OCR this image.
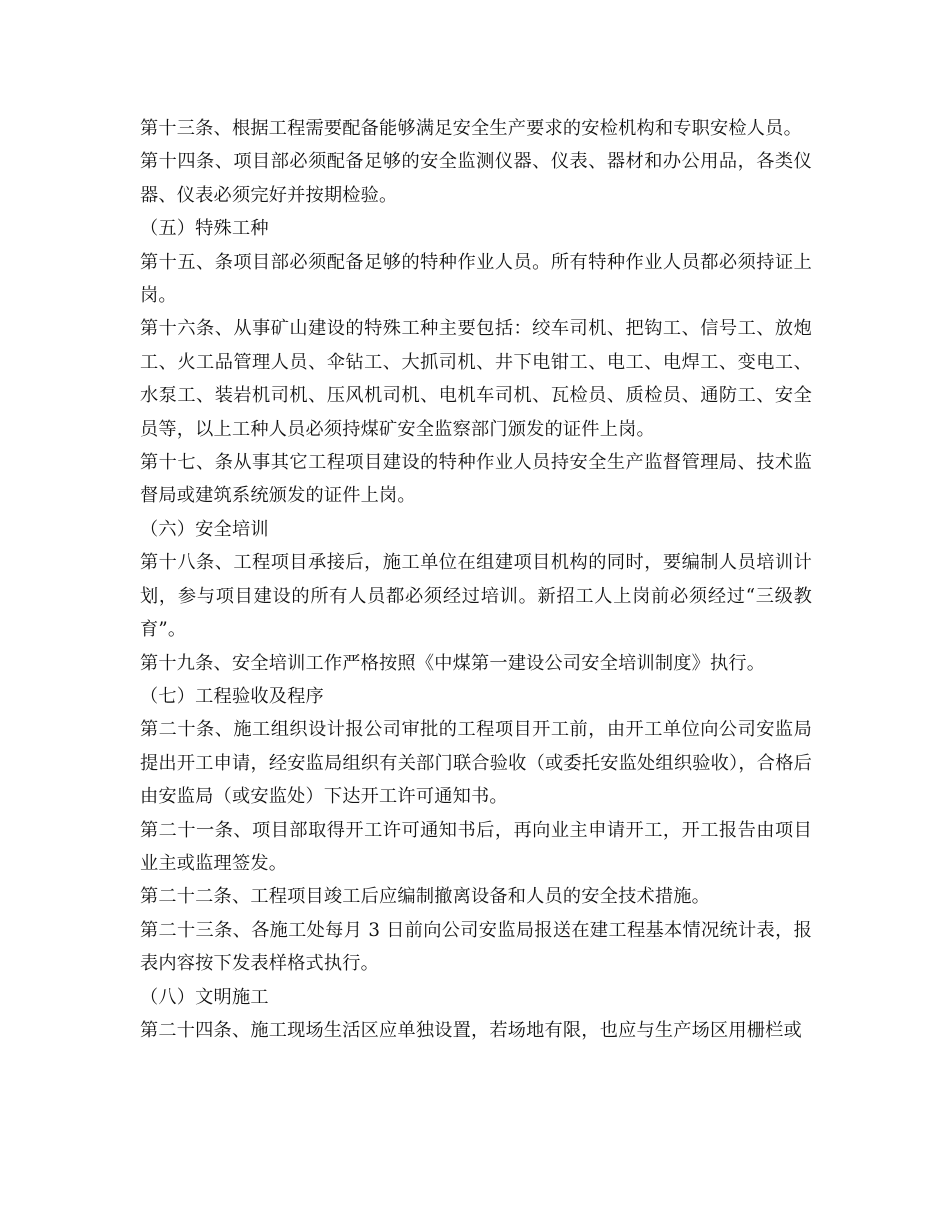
第十三条、根据工程需要配备能够满足安全生产要求的安检机构和专职安检人员。

第十四条、项目部必须配备足够的安全监测仪器、仪表、器材和办公用品，各类仪器、仪表必须完好并按期检验。

（五）特殊工种

第十五、条项目部必须配备足够的特种作业人员。所有特种作业人员都必须持证上岗。

第十六条、从事矿山建设的特殊工种主要包括：绞车司机、把钩工、信号工、放炮工、火工品管理人员、伞钻工、大抓司机、井下电钳工、电工、电焊工、变电工、水泵工、装岩机司机、压风机司机、电机车司机、瓦检员、质检员、通防工、安全员等，以上工种人员必须持煤矿安全监察部门颁发的证件上岗。

第十七、条从事其它工程项目建设的特种作业人员持安全生产监督管理局、技术监督局或建筑系统颁发的证件上岗。

（六）安全培训

第十八条、工程项目承接后，施工单位在组建项目机构的同时，要编制人员培训计划，参与项目建设的所有人员都必须经过培训。新招工人上岗前必须经过“三级教育”。

第十九条、安全培训工作严格按照《中煤第一建设公司安全培训制度》执行。

（七）工程验收及程序

第二十条、施工组织设计报公司审批的工程项目开工前，由开工单位向公司安监局提出开工申请，经安监局组织有关部门联合验收（或委托安监处组织验收），合格后由安监局（或安监处）下达开工许可通知书。

第二十一条、项目部取得开工许可通知书后，再向业主申请开工，开工报告由项目业主或监理签发。

第二十二条、工程项目竣工后应编制撤离设备和人员的安全技术措施。

第二十三条、各施工处每月 3 日前向公司安监局报送在建工程基本情况统计表，报表内容按下发表样格式执行。

（八）文明施工

第二十四条、施工现场生活区应单独设置，若场地有限，也应与生产场区用栅栏或
